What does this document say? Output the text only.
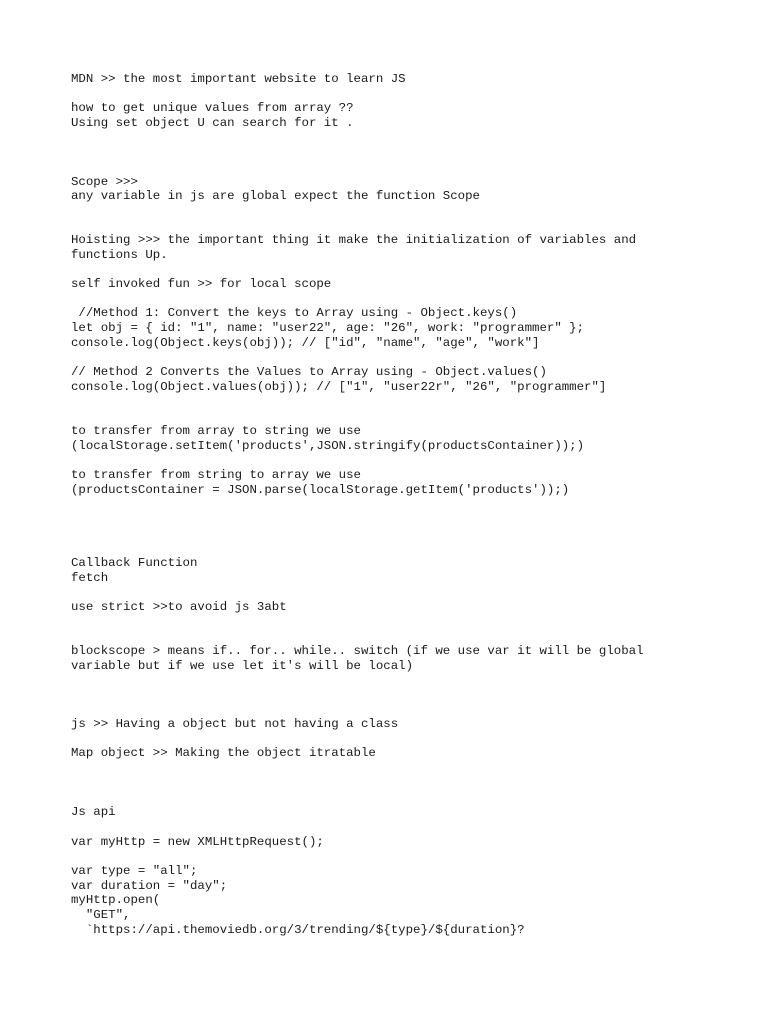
MDN >> the most important website to learn JS

how to get unique values from array ??

Using set object U can search for it .

Scope >>>

any variable in js are global expect the function Scope

Hoisting >>> the important thing it make the initialization of variables and

functions Up.

self invoked fun >> for local scope

//Method 1: Convert the keys to Array using - Object.keys()

let obj = { id: "1", name: "user22", age: "26", work: "programmer" };

console.log(Object.keys(obj)); // ["id", "name", "age", "work"]

// Method 2 Converts the Values to Array using - Object.values()

console.log(Object.values(obj)); // ["1", "user22r", "26", "programmer"]

to transfer from array to string we use

(localStorage.setItem('products',JSON.stringify(productsContainer));)

to transfer from string to array we use

(productsContainer = JSON.parse(localStorage.getItem('products'));)

Callback Function

fetch

use strict >>to avoid js 3abt

blockscope > means if.. for.. while.. switch (if we use var it will be global

variable but if we use let it's will be local)

js >> Having a object but not having a class

Map object >> Making the object itratable

Js api

var myHttp = new XMLHttpRequest();

var type = "all";

var duration = "day";

myHttp.open(

"GET",

`https://api.themoviedb.org/3/trending/${type}/${duration}?
